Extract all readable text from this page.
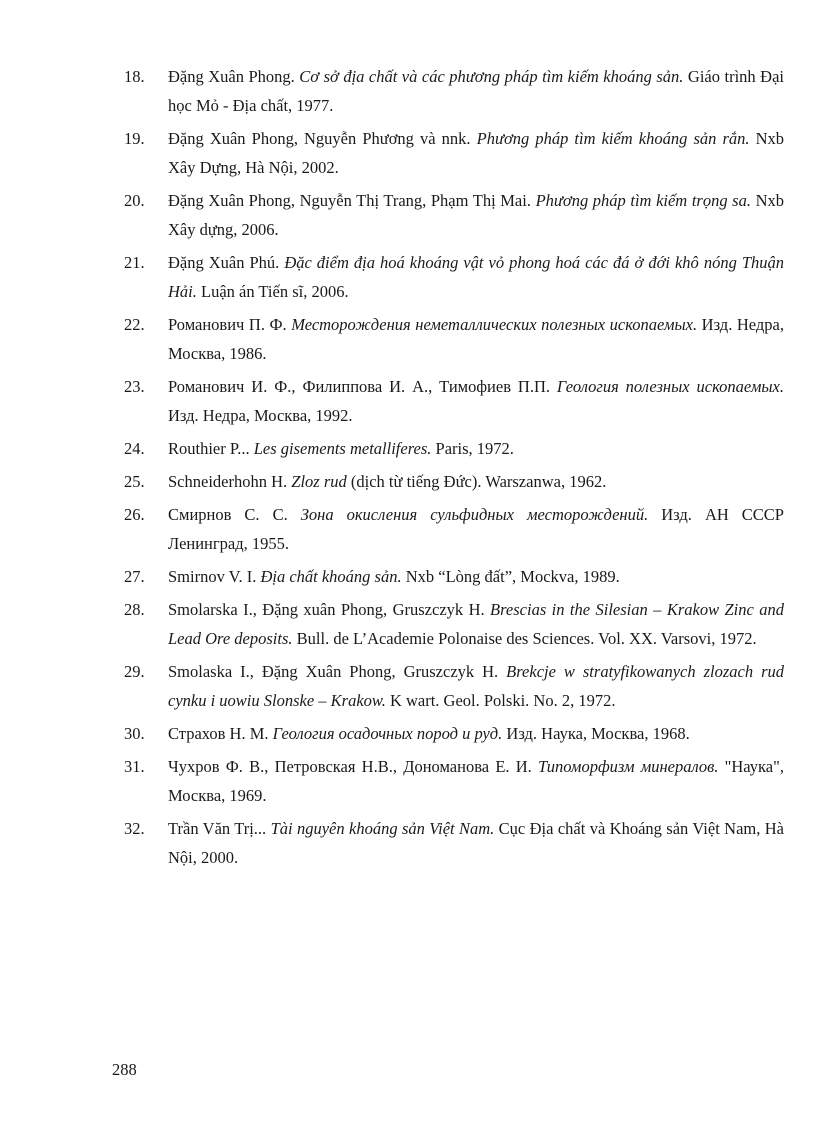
18.	Đặng Xuân Phong. Cơ sở địa chất và các phương pháp tìm kiếm khoáng sản. Giáo trình Đại học Mỏ - Địa chất, 1977.
19.	Đặng Xuân Phong, Nguyễn Phương và nnk. Phương pháp tìm kiếm khoáng sản rắn. Nxb Xây Dựng, Hà Nội, 2002.
20.	Đặng Xuân Phong, Nguyễn Thị Trang, Phạm Thị Mai. Phương pháp tìm kiếm trọng sa. Nxb Xây dựng, 2006.
21.	Đặng Xuân Phú. Đặc điểm địa hoá khoáng vật vỏ phong hoá các đá ở đới khô nóng Thuận Hải. Luận án Tiến sĩ, 2006.
22.	Романович П. Ф. Месторождения неметаллических полезных ископаемых. Изд. Недра, Москва, 1986.
23.	Романович И. Ф., Филиппова И. А., Тимофиев П.П. Геология полезных ископаемых. Изд. Недра, Москва, 1992.
24.	Routhier P... Les gisements metalliferes. Paris, 1972.
25.	Schneiderhohn H. Zloz rud (dịch từ tiếng Đức). Warszanwa, 1962.
26.	Смирнов С. С. Зона окисления сульфидных месторождений. Изд. АН СССР Ленинград, 1955.
27.	Smirnov V. I. Địa chất khoáng sản. Nxb “Lòng đất”, Mockva, 1989.
28.	Smolarska I., Đặng xuân Phong, Gruszczyk H. Brescias in the Silesian – Krakow Zinc and Lead Ore deposits. Bull. de L’Academie Polonaise des Sciences. Vol. XX. Varsovi, 1972.
29.	Smolaska I., Đặng Xuân Phong, Gruszczyk H. Brekcje w stratyfikowanych zlozach rud cynku i uowiu Slonske – Krakow. K wart. Geol. Polski. No. 2, 1972.
30.	Страхов Н. М. Геология осадочных пород и руд. Изд. Наука, Москва, 1968.
31.	Чухров Ф. В., Петровская Н.В., Дономанова Е. И. Типоморфизм минералов. "Наука", Москва, 1969.
32.	Trần Văn Trị... Tài nguyên khoáng sản Việt Nam. Cục Địa chất và Khoáng sản Việt Nam, Hà Nội, 2000.
288
